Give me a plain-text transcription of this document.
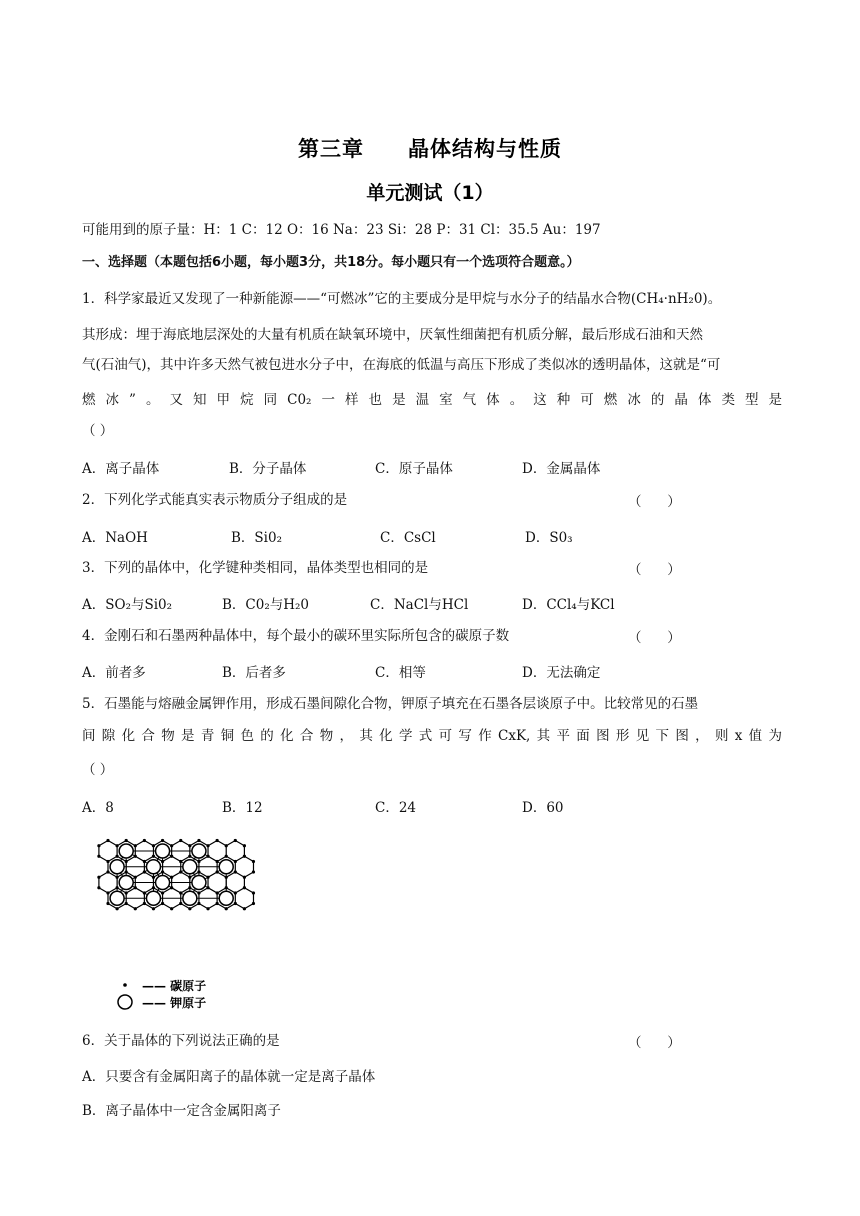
第三章　　晶体结构与性质
单元测试（1）
可能用到的原子量：H：1 C：12 O：16 Na：23 Si：28 P：31 Cl：35.5 Au：197
一、选择题（本题包括6小题，每小题3分，共18分。每小题只有一个选项符合题意。）
1．科学家最近又发现了一种新能源——“可燃冰”它的主要成分是甲烷与水分子的结晶水合物(CH₄·nH₂0)。
其形成：埋于海底地层深处的大量有机质在缺氧环境中，厌氧性细菌把有机质分解，最后形成石油和天然
气(石油气)，其中许多天然气被包进水分子中，在海底的低温与高压下形成了类似冰的透明晶体，这就是“可
燃冰”。又知甲烷同C0₂一样也是温室气体。这种可燃冰的晶体类型是
（ ）
A．离子晶体	B．分子晶体	C．原子晶体	D．金属晶体
2．下列化学式能真实表示物质分子组成的是	（      ）
A．NaOH	B．Si0₂	C．CsCl	D．S0₃
3．下列的晶体中，化学键种类相同，晶体类型也相同的是	（      ）
A．SO₂与Si0₂	B．C0₂与H₂0	C．NaCl与HCl	D．CCl₄与KCl
4．金刚石和石墨两种晶体中，每个最小的碳环里实际所包含的碳原子数	（      ）
A．前者多	B．后者多	C．相等	D．无法确定
5．石墨能与熔融金属钾作用，形成石墨间隙化合物，钾原子填充在石墨各层谈原子中。比较常见的石墨
间隙化合物是青铜色的化合物，其化学式可写作CxK,其平面图形见下图，则x值为
（ ）
A．8	B．12	C．24	D．60
—— 碳原子
—— 钾原子
6．关于晶体的下列说法正确的是	（      ）
A．只要含有金属阳离子的晶体就一定是离子晶体
B．离子晶体中一定含金属阳离子
